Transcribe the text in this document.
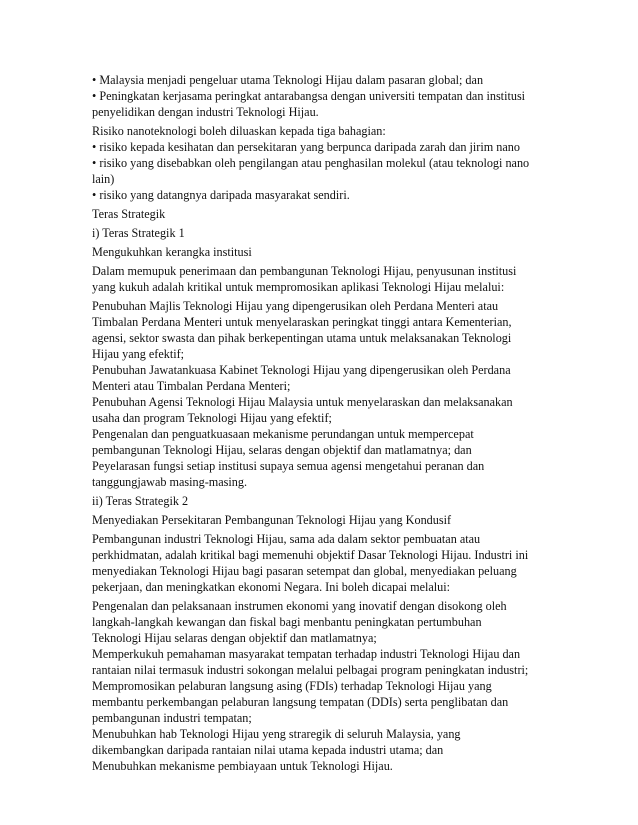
• Malaysia menjadi pengeluar utama Teknologi Hijau dalam pasaran global; dan

• Peningkatan kerjasama peringkat antarabangsa dengan universiti tempatan dan institusi

penyelidikan dengan industri Teknologi Hijau.

Risiko nanoteknologi boleh diluaskan kepada tiga bahagian:

• risiko kepada kesihatan dan persekitaran yang berpunca daripada zarah dan jirim nano

• risiko yang disebabkan oleh pengilangan atau penghasilan molekul (atau teknologi nano

lain)

• risiko yang datangnya daripada masyarakat sendiri.

Teras Strategik

i) Teras Strategik 1

Mengukuhkan kerangka institusi

Dalam memupuk penerimaan dan pembangunan Teknologi Hijau, penyusunan institusi

yang kukuh adalah kritikal untuk mempromosikan aplikasi Teknologi Hijau melalui:

Penubuhan Majlis Teknologi Hijau yang dipengerusikan oleh Perdana Menteri atau

Timbalan Perdana Menteri untuk menyelaraskan peringkat tinggi antara Kementerian,

agensi, sektor swasta dan pihak berkepentingan utama untuk melaksanakan Teknologi

Hijau yang efektif;

Penubuhan Jawatankuasa Kabinet Teknologi Hijau yang dipengerusikan oleh Perdana

Menteri atau Timbalan Perdana Menteri;

Penubuhan Agensi Teknologi Hijau Malaysia untuk menyelaraskan dan melaksanakan

usaha dan program Teknologi Hijau yang efektif;

Pengenalan dan penguatkuasaan mekanisme perundangan untuk mempercepat

pembangunan Teknologi Hijau, selaras dengan objektif dan matlamatnya; dan

Peyelarasan fungsi setiap institusi supaya semua agensi mengetahui peranan dan

tanggungjawab masing-masing.

ii) Teras Strategik 2

Menyediakan Persekitaran Pembangunan Teknologi Hijau yang Kondusif

Pembangunan industri Teknologi Hijau, sama ada dalam sektor pembuatan atau

perkhidmatan, adalah kritikal bagi memenuhi objektif Dasar Teknologi Hijau. Industri ini

menyediakan Teknologi Hijau bagi pasaran setempat dan global, menyediakan peluang

pekerjaan, dan meningkatkan ekonomi Negara. Ini boleh dicapai melalui:

Pengenalan dan pelaksanaan instrumen ekonomi yang inovatif dengan disokong oleh

langkah-langkah kewangan dan fiskal bagi menbantu peningkatan pertumbuhan

Teknologi Hijau selaras dengan objektif dan matlamatnya;

Memperkukuh pemahaman masyarakat tempatan terhadap industri Teknologi Hijau dan

rantaian nilai termasuk industri sokongan melalui pelbagai program peningkatan industri;

Mempromosikan pelaburan langsung asing (FDIs) terhadap Teknologi Hijau yang

membantu perkembangan pelaburan langsung tempatan (DDIs) serta penglibatan dan

pembangunan industri tempatan;

Menubuhkan hab Teknologi Hijau yeng straregik di seluruh Malaysia, yang

dikembangkan daripada rantaian nilai utama kepada industri utama; dan

Menubuhkan mekanisme pembiayaan untuk Teknologi Hijau.
